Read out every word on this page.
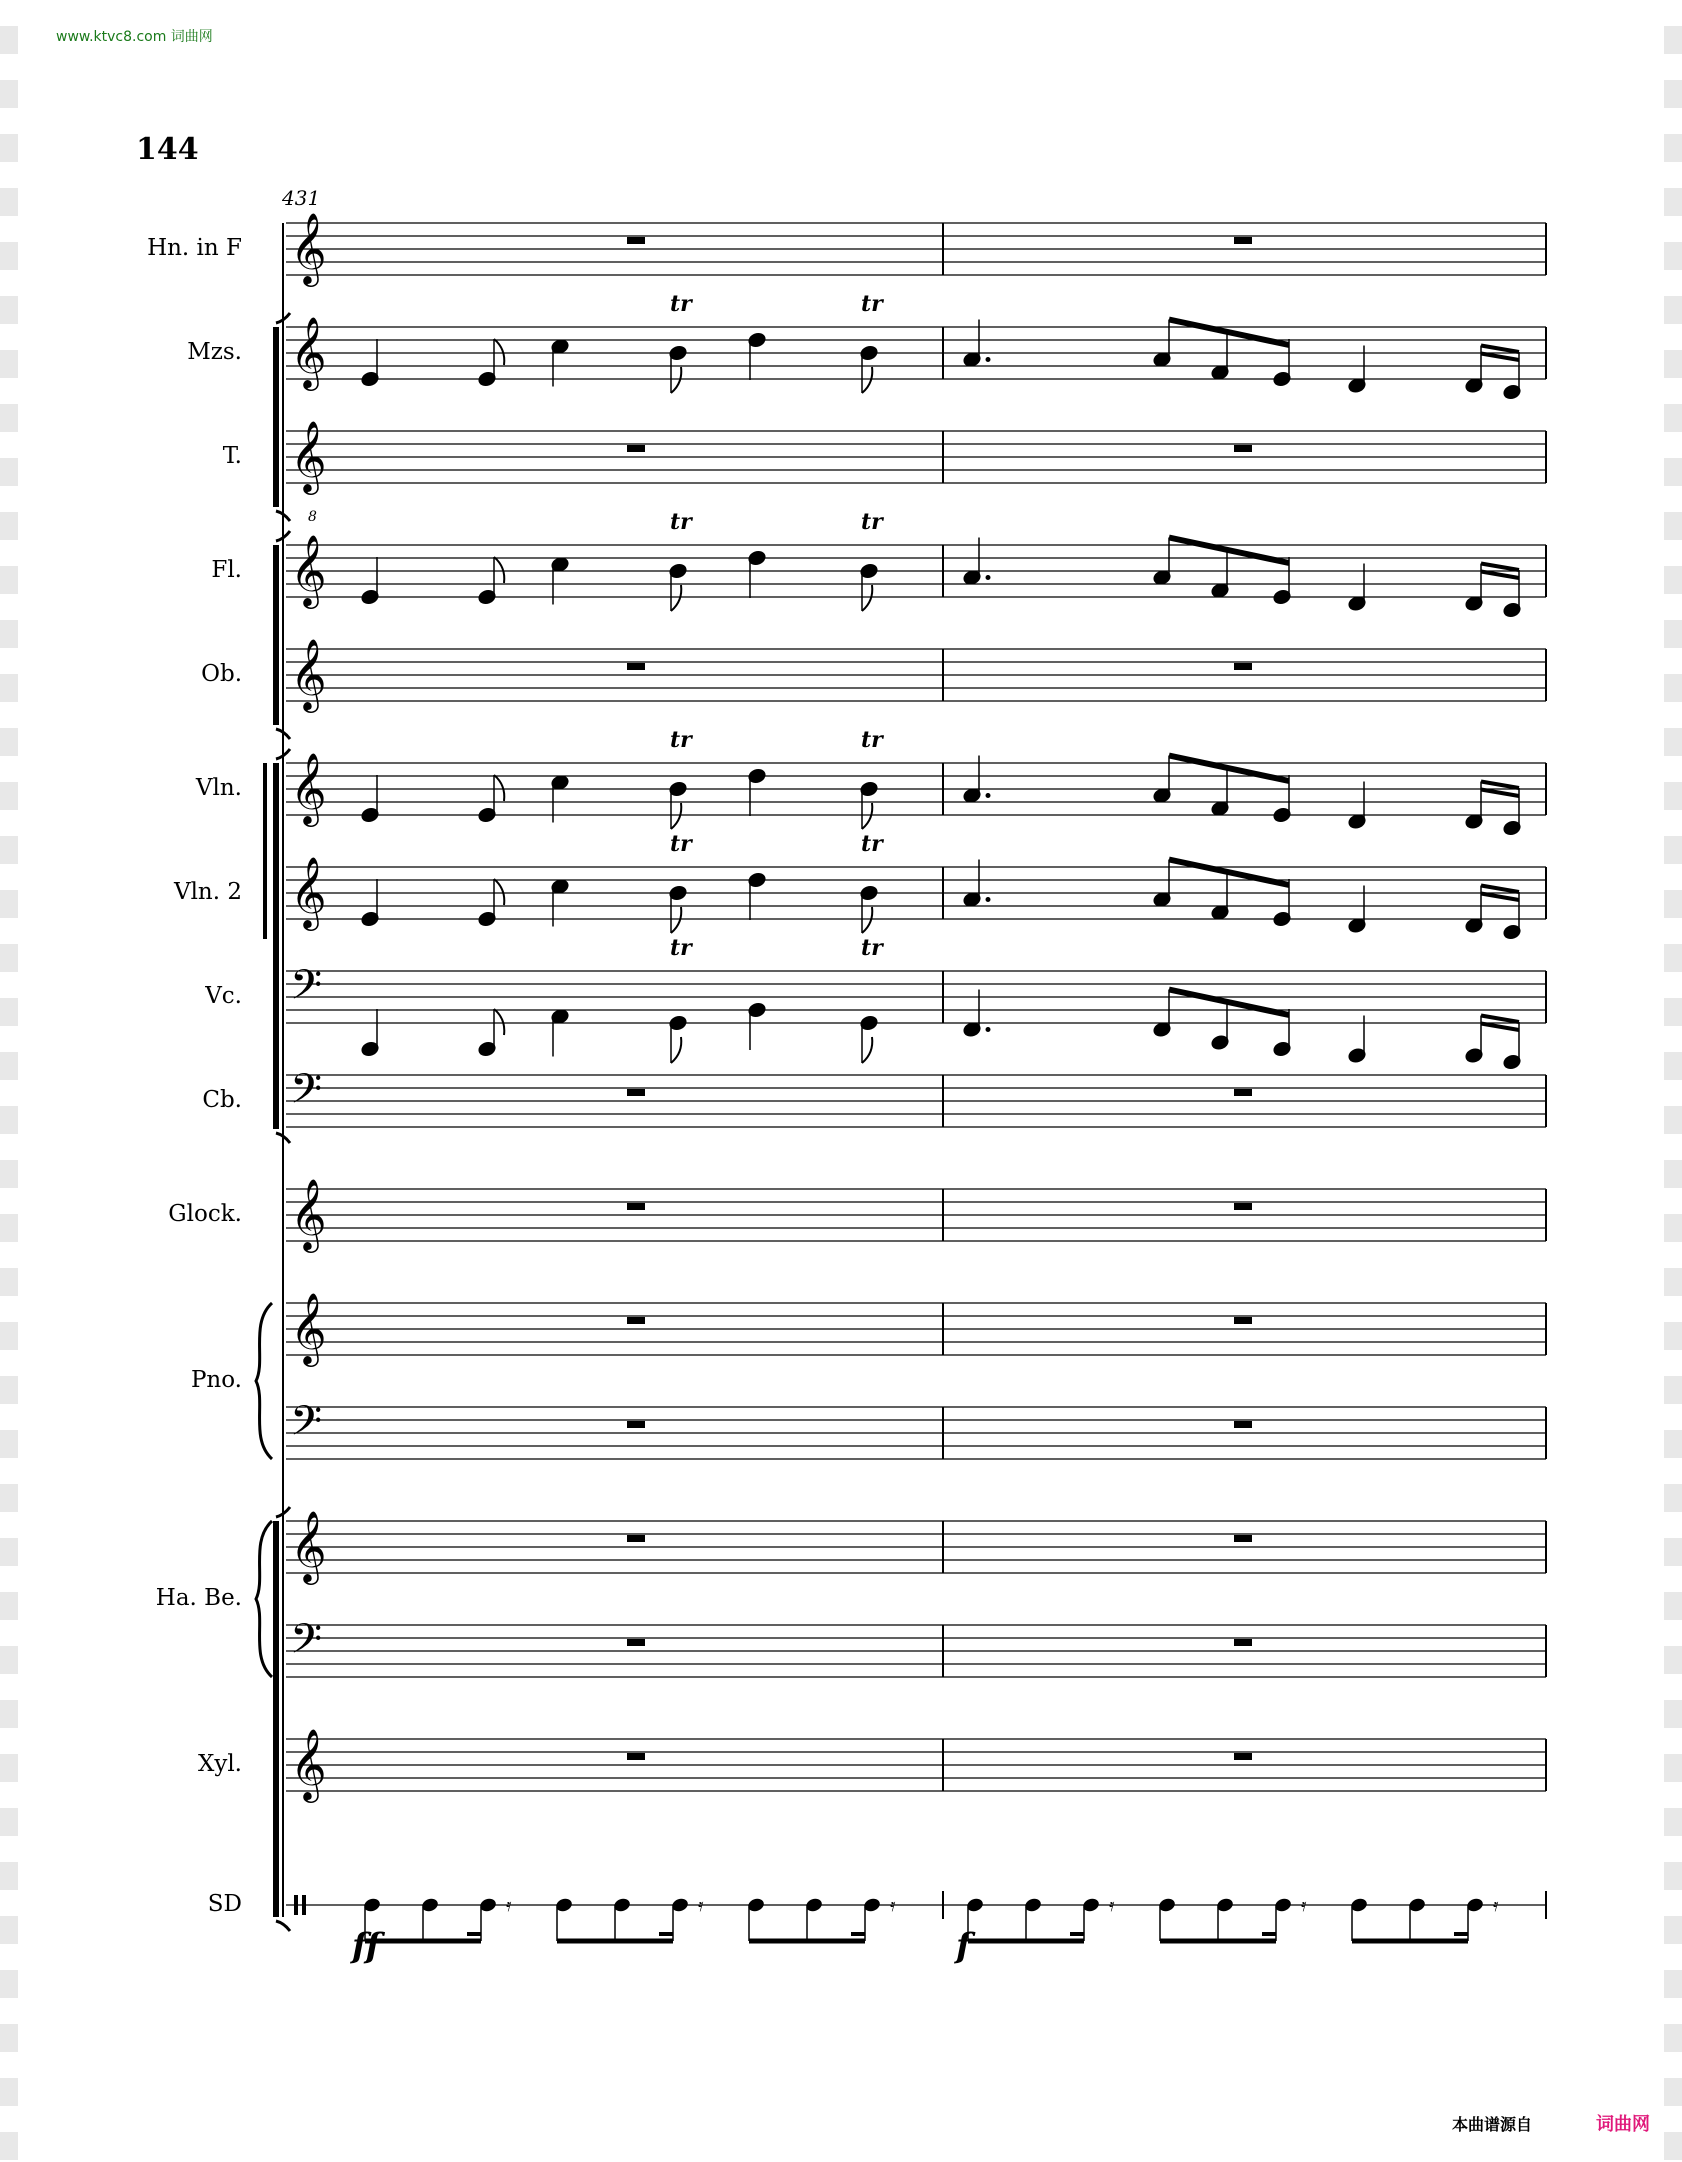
www.ktvc8.com 词曲网
144
431
𝄞
𝄞
tr	tr
𝄞
8
𝄞
tr	tr
𝄞
𝄞
tr	tr
𝄞
tr	tr
𝄢
tr	tr
𝄢
𝄞
𝄞
𝄢
𝄞
𝄢
𝄞
𝄿	𝄿	𝄿	𝄿	𝄿	𝄿
ff	f
Hn. in F
Mzs.
T.
Fl.
Ob.
Vln.
Vln. 2
Vc.
Cb.
Glock.
Pno.
Ha. Be.
Xyl.
SD
本曲谱源自	词曲网
